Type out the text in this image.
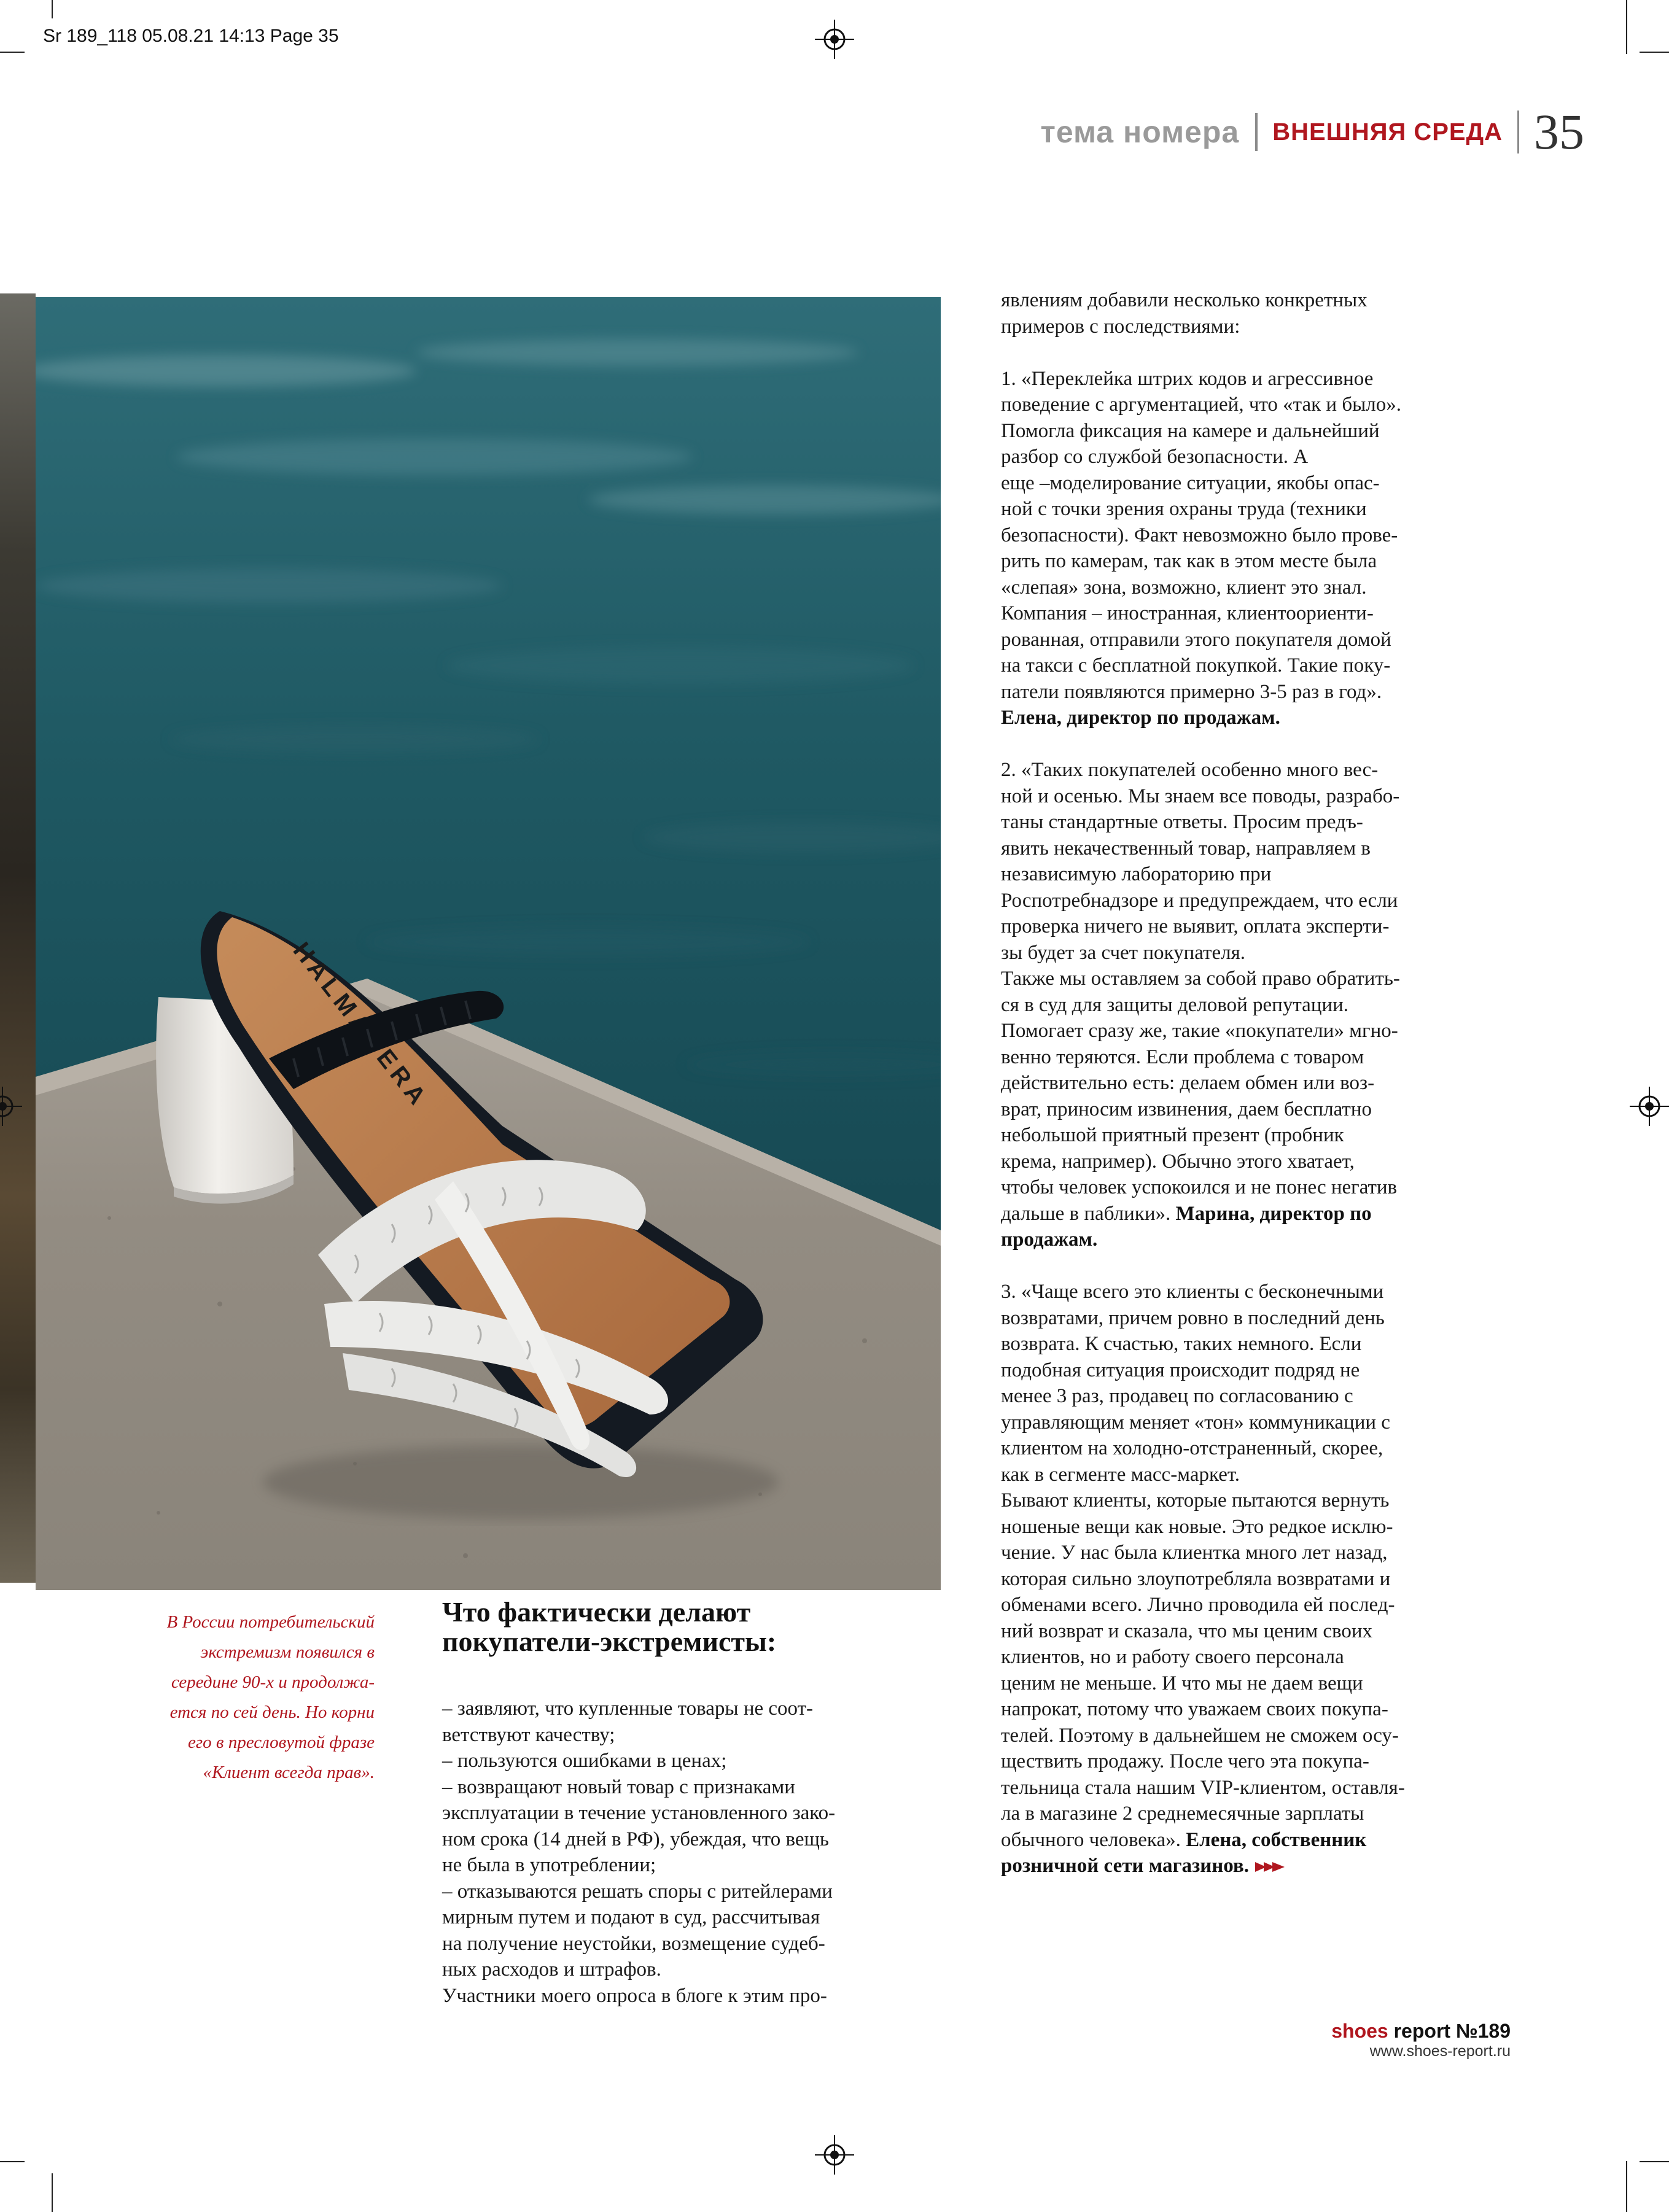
Sr 189_118 05.08.21 14:13 Page 35
тема номера ВНЕШНЯЯ СРЕДА 35
В России потребительский
экстремизм появился в
середине 90-х и продолжа-
ется по сей день. Но корни
его в пресловутой фразе
«Клиент всегда прав».
Что фактически делают
покупатели-экстремисты:

– заявляют, что купленные товары не соот-

ветствуют качеству;

– пользуются ошибками в ценах;

– возвращают новый товар с признаками

эксплуатации в течение установленного зако-

ном срока (14 дней в РФ), убеждая, что вещь

не была в употреблении;

– отказываются решать споры с ритейлерами

мирным путем и подают в суд, рассчитывая

на получение неустойки, возмещение судеб-

ных расходов и штрафов.

Участники моего опроса в блоге к этим про-

явлениям добавили несколько конкретных

примеров с последствиями:

1. «Переклейка штрих кодов и агрессивное

поведение с аргументацией, что «так и было».

Помогла фиксация на камере и дальнейший

разбор со службой безопасности. А

еще –моделирование ситуации, якобы опас-

ной с точки зрения охраны труда (техники

безопасности). Факт невозможно было прове-

рить по камерам, так как в этом месте была

«слепая» зона, возможно, клиент это знал.

Компания – иностранная, клиентоориенти-

рованная, отправили этого покупателя домой

на такси с бесплатной покупкой. Такие поку-

патели появляются примерно 3-5 раз в год».

Елена, директор по продажам.

2. «Таких покупателей особенно много вес-

ной и осенью. Мы знаем все поводы, разрабо-

таны стандартные ответы. Просим предъ-

явить некачественный товар, направляем в

независимую лабораторию при

Роспотребнадзоре и предупреждаем, что если

проверка ничего не выявит, оплата эксперти-

зы будет за счет покупателя.

Также мы оставляем за собой право обратить-

ся в суд для защиты деловой репутации.

Помогает сразу же, такие «покупатели» мгно-

венно теряются. Если проблема с товаром

действительно есть: делаем обмен или воз-

врат, приносим извинения, даем бесплатно

небольшой приятный презент (пробник

крема, например). Обычно этого хватает,

чтобы человек успокоился и не понес негатив

дальше в паблики». Марина, директор по

продажам.

3. «Чаще всего это клиенты с бесконечными

возвратами, причем ровно в последний день

возврата. К счастью, таких немного. Если

подобная ситуация происходит подряд не

менее 3 раз, продавец по согласованию с

управляющим меняет «тон» коммуникации с

клиентом на холодно-отстраненный, скорее,

как в сегменте масс-маркет.

Бывают клиенты, которые пытаются вернуть

ношеные вещи как новые. Это редкое исклю-

чение. У нас была клиентка много лет назад,

которая сильно злоупотребляла возвратами и

обменами всего. Лично проводила ей послед-

ний возврат и сказала, что мы ценим своих

клиентов, но и работу своего персонала

ценим не меньше. И что мы не даем вещи

напрокат, потому что уважаем своих покупа-

телей. Поэтому в дальнейшем не сможем осу-

ществить продажу. После чего эта покупа-

тельница стала нашим VIP-клиентом, оставля-

ла в магазине 2 среднемесячные зарплаты

обычного человека». Елена, собственник

розничной сети магазинов.

shoes report №189
www.shoes-report.ru
